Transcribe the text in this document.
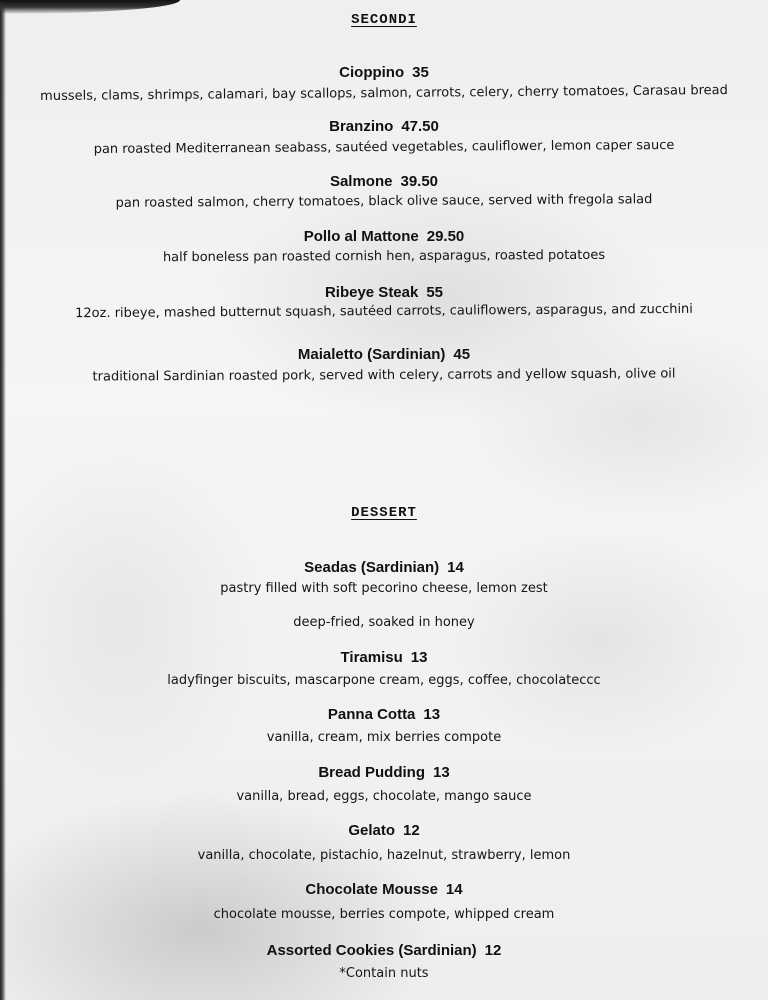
SECONDI
Cioppino 35
mussels, clams, shrimps, calamari, bay scallops, salmon, carrots, celery, cherry tomatoes, Carasau bread
Branzino 47.50
pan roasted Mediterranean seabass, sautéed vegetables, cauliflower, lemon caper sauce
Salmone 39.50
pan roasted salmon, cherry tomatoes, black olive sauce, served with fregola salad
Pollo al Mattone 29.50
half boneless pan roasted cornish hen, asparagus, roasted potatoes
Ribeye Steak 55
12oz. ribeye, mashed butternut squash, sautéed carrots, cauliflowers, asparagus, and zucchini
Maialetto (Sardinian) 45
traditional Sardinian roasted pork, served with celery, carrots and yellow squash, olive oil
DESSERT
Seadas (Sardinian) 14
pastry filled with soft pecorino cheese, lemon zest
deep-fried, soaked in honey
Tiramisu 13
ladyfinger biscuits, mascarpone cream, eggs, coffee, chocolateccc
Panna Cotta 13
vanilla, cream, mix berries compote
Bread Pudding 13
vanilla, bread, eggs, chocolate, mango sauce
Gelato 12
vanilla, chocolate, pistachio, hazelnut, strawberry, lemon
Chocolate Mousse 14
chocolate mousse, berries compote, whipped cream
Assorted Cookies (Sardinian) 12
*Contain nuts
